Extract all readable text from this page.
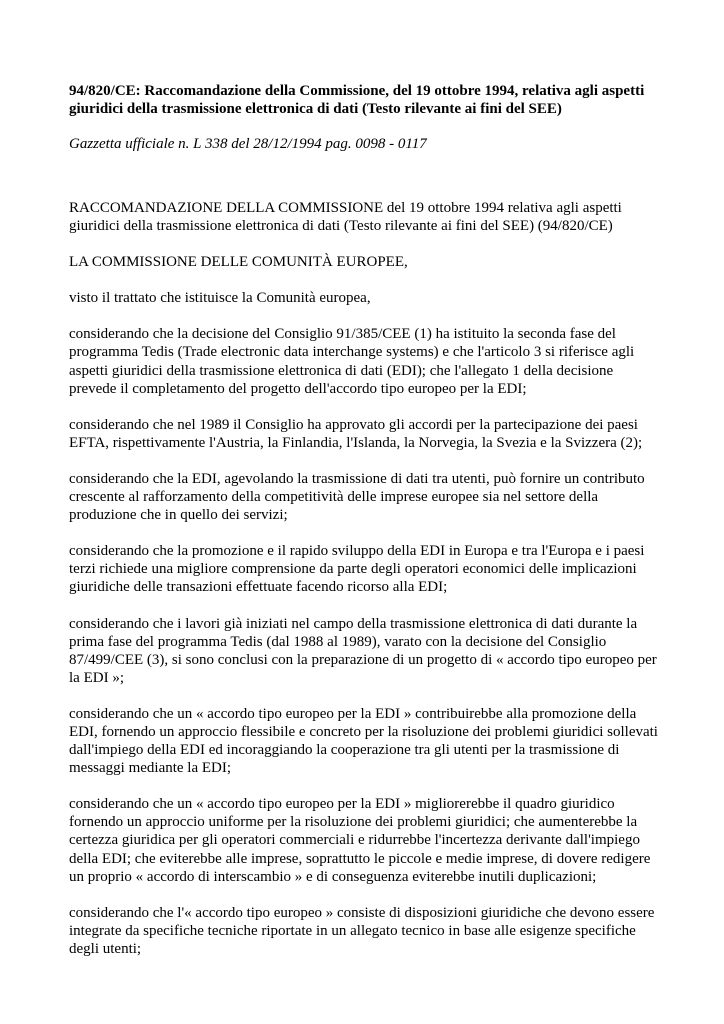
94/820/CE: Raccomandazione della Commissione, del 19 ottobre 1994, relativa agli aspetti giuridici della trasmissione elettronica di dati (Testo rilevante ai fini del SEE)

Gazzetta ufficiale n. L 338 del 28/12/1994 pag. 0098 - 0117

RACCOMANDAZIONE DELLA COMMISSIONE del 19 ottobre 1994 relativa agli aspetti giuridici della trasmissione elettronica di dati (Testo rilevante ai fini del SEE) (94/820/CE)

LA COMMISSIONE DELLE COMUNITÀ EUROPEE,

visto il trattato che istituisce la Comunità europea,

considerando che la decisione del Consiglio 91/385/CEE (1) ha istituito la seconda fase del programma Tedis (Trade electronic data interchange systems) e che l'articolo 3 si riferisce agli aspetti giuridici della trasmissione elettronica di dati (EDI); che l'allegato 1 della decisione prevede il completamento del progetto dell'accordo tipo europeo per la EDI;

considerando che nel 1989 il Consiglio ha approvato gli accordi per la partecipazione dei paesi EFTA, rispettivamente l'Austria, la Finlandia, l'Islanda, la Norvegia, la Svezia e la Svizzera (2);

considerando che la EDI, agevolando la trasmissione di dati tra utenti, può fornire un contributo crescente al rafforzamento della competitività delle imprese europee sia nel settore della produzione che in quello dei servizi;

considerando che la promozione e il rapido sviluppo della EDI in Europa e tra l'Europa e i paesi terzi richiede una migliore comprensione da parte degli operatori economici delle implicazioni giuridiche delle transazioni effettuate facendo ricorso alla EDI;

considerando che i lavori già iniziati nel campo della trasmissione elettronica di dati durante la prima fase del programma Tedis (dal 1988 al 1989), varato con la decisione del Consiglio 87/499/CEE (3), si sono conclusi con la preparazione di un progetto di « accordo tipo europeo per la EDI »;

considerando che un « accordo tipo europeo per la EDI » contribuirebbe alla promozione della EDI, fornendo un approccio flessibile e concreto per la risoluzione dei problemi giuridici sollevati dall'impiego della EDI ed incoraggiando la cooperazione tra gli utenti per la trasmissione di messaggi mediante la EDI;

considerando che un « accordo tipo europeo per la EDI » migliorerebbe il quadro giuridico fornendo un approccio uniforme per la risoluzione dei problemi giuridici; che aumenterebbe la certezza giuridica per gli operatori commerciali e ridurrebbe l'incertezza derivante dall'impiego della EDI; che eviterebbe alle imprese, soprattutto le piccole e medie imprese, di dovere redigere un proprio « accordo di interscambio » e di conseguenza eviterebbe inutili duplicazioni;

considerando che l'« accordo tipo europeo » consiste di disposizioni giuridiche che devono essere integrate da specifiche tecniche riportate in un allegato tecnico in base alle esigenze specifiche degli utenti;
